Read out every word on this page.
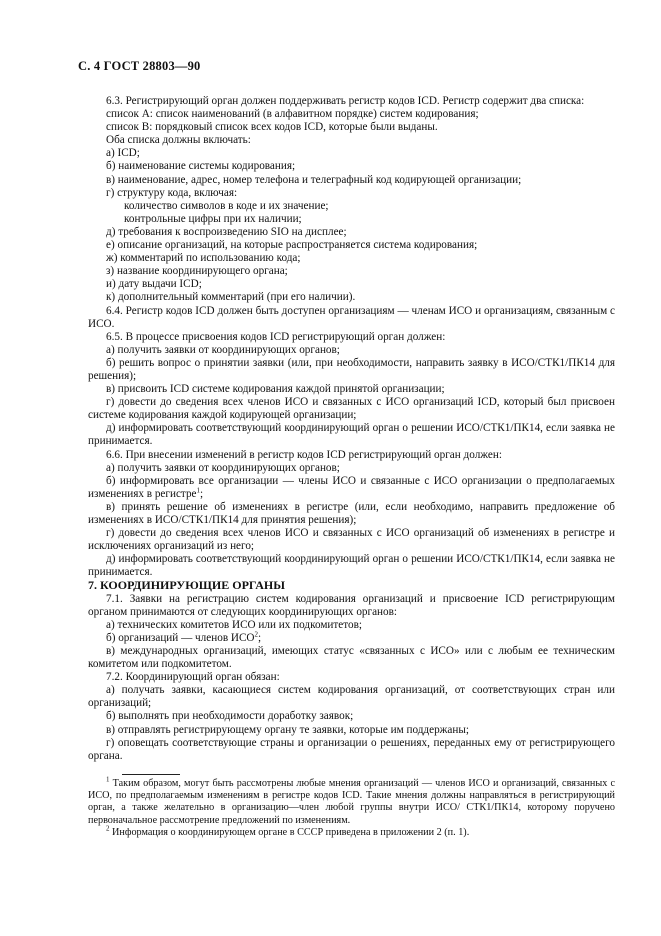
С. 4 ГОСТ 28803—90

6.3. Регистрирующий орган должен поддерживать регистр кодов ICD. Регистр содержит два списка:

список А: список наименований (в алфавитном порядке) систем кодирования;

список В: порядковый список всех кодов ICD, которые были выданы.

Оба списка должны включать:

а) ICD;

б) наименование системы кодирования;

в) наименование, адрес, номер телефона и телеграфный код кодирующей организации;

г) структуру кода, включая:

количество символов в коде и их значение;

контрольные цифры при их наличии;

д) требования к воспроизведению SIO на дисплее;

е) описание организаций, на которые распространяется система кодирования;

ж) комментарий по использованию кода;

з) название координирующего органа;

и) дату выдачи ICD;

к) дополнительный комментарий (при его наличии).

6.4. Регистр кодов ICD должен быть доступен организациям — членам ИСО и организациям, связанным с ИСО.

6.5. В процессе присвоения кодов ICD регистрирующий орган должен:

а) получить заявки от координирующих органов;

б) решить вопрос о принятии заявки (или, при необходимости, направить заявку в ИСО/СТК1/ПК14 для решения);

в) присвоить ICD системе кодирования каждой принятой организации;

г) довести до сведения всех членов ИСО и связанных с ИСО организаций ICD, который был присвоен системе кодирования каждой кодирующей организации;

д) информировать соответствующий координирующий орган о решении ИСО/СТК1/ПК14, если заявка не принимается.

6.6. При внесении изменений в регистр кодов ICD регистрирующий орган должен:

а) получить заявки от координирующих органов;

б) информировать все организации — члены ИСО и связанные с ИСО организации о предполагаемых изменениях в регистре$^1$;

в) принять решение об изменениях в регистре (или, если необходимо, направить предложение об изменениях в ИСО/СТК1/ПК14 для принятия решения);

г) довести до сведения всех членов ИСО и связанных с ИСО организаций об изменениях в регистре и исключениях организаций из него;

д) информировать соответствующий координирующий орган о решении ИСО/СТК1/ПК14, если заявка не принимается.

7. КООРДИНИРУЮЩИЕ ОРГАНЫ

7.1. Заявки на регистрацию систем кодирования организаций и присвоение ICD регистрирующим органом принимаются от следующих координирующих органов:

а) технических комитетов ИСО или их подкомитетов;

б) организаций — членов ИСО$^2$;

в) международных организаций, имеющих статус «связанных с ИСО» или с любым ее техническим комитетом или подкомитетом.

7.2. Координирующий орган обязан:

а) получать заявки, касающиеся систем кодирования организаций, от соответствующих стран или организаций;

б) выполнять при необходимости доработку заявок;

в) отправлять регистрирующему органу те заявки, которые им поддержаны;

г) оповещать соответствующие страны и организации о решениях, переданных ему от регистрирующего органа.

$^1$ Таким образом, могут быть рассмотрены любые мнения организаций — членов ИСО и организаций, связанных с ИСО, по предполагаемым изменениям в регистре кодов ICD. Такие мнения должны направляться в регистрирующий орган, а также желательно в организацию—член любой группы внутри ИСО/ СТК1/ПК14, которому поручено первоначальное рассмотрение предложений по изменениям.

$^2$ Информация о координирующем органе в СССР приведена в приложении 2 (п. 1).
